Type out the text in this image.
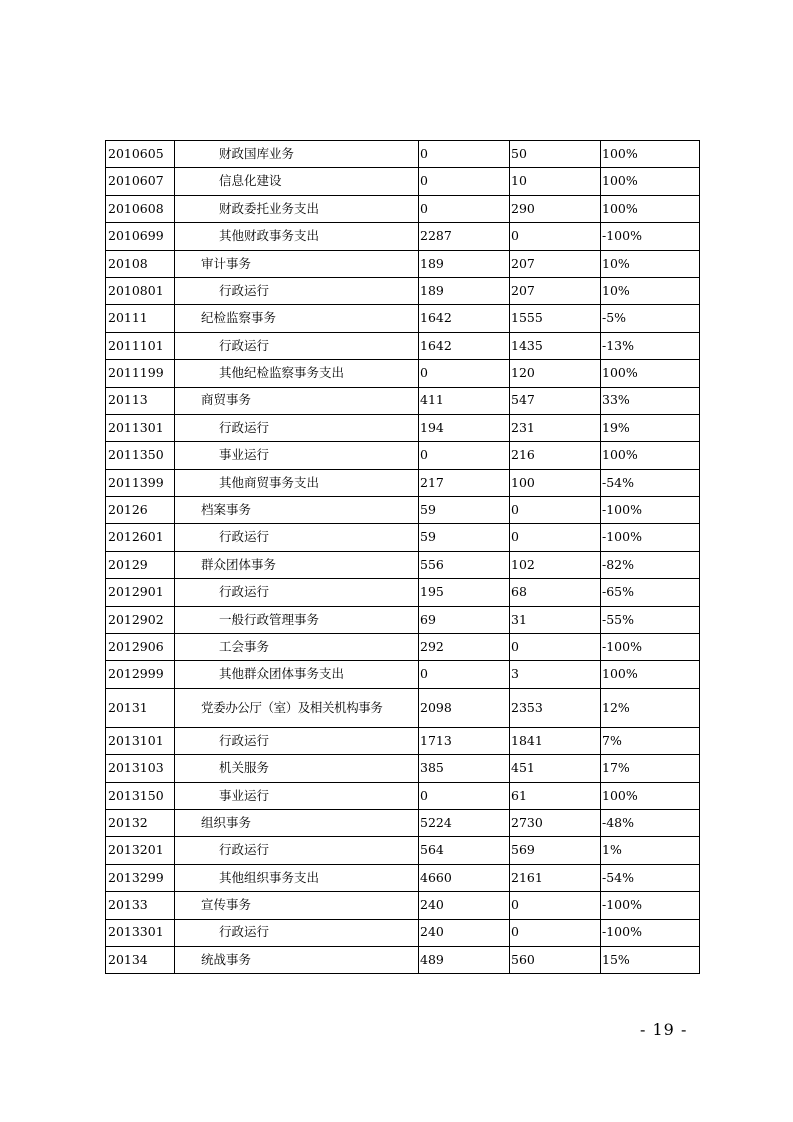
2010605	财政国库业务	0	50	100%
2010607	信息化建设	0	10	100%
2010608	财政委托业务支出	0	290	100%
2010699	其他财政事务支出	2287	0	-100%
20108	审计事务	189	207	10%
2010801	行政运行	189	207	10%
20111	纪检监察事务	1642	1555	-5%
2011101	行政运行	1642	1435	-13%
2011199	其他纪检监察事务支出	0	120	100%
20113	商贸事务	411	547	33%
2011301	行政运行	194	231	19%
2011350	事业运行	0	216	100%
2011399	其他商贸事务支出	217	100	-54%
20126	档案事务	59	0	-100%
2012601	行政运行	59	0	-100%
20129	群众团体事务	556	102	-82%
2012901	行政运行	195	68	-65%
2012902	一般行政管理事务	69	31	-55%
2012906	工会事务	292	0	-100%
2012999	其他群众团体事务支出	0	3	100%
20131	党委办公厅（室）及相关机构事务	2098	2353	12%
2013101	行政运行	1713	1841	7%
2013103	机关服务	385	451	17%
2013150	事业运行	0	61	100%
20132	组织事务	5224	2730	-48%
2013201	行政运行	564	569	1%
2013299	其他组织事务支出	4660	2161	-54%
20133	宣传事务	240	0	-100%
2013301	行政运行	240	0	-100%
20134	统战事务	489	560	15%
- 19 -
